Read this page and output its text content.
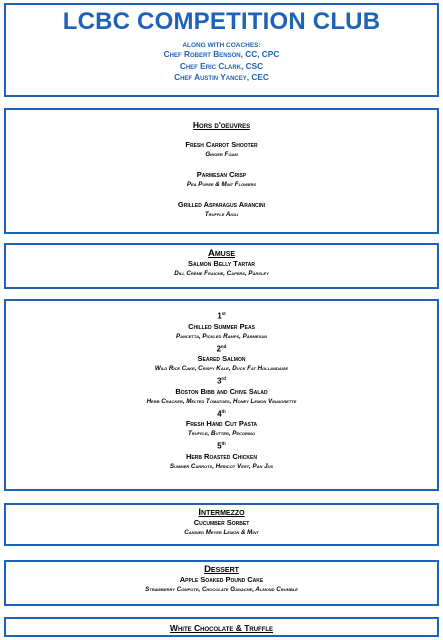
LCBC COMPETITION CLUB
ALONG WITH COACHES:
Chef Robert Benson, CC, CPC
Chef Eric Clark, CSC
Chef Austin Yancey, CEC
Hors d'oeuvres
Fresh Carrot Shooter
Ginger Foam
Parmesan Crisp
Pea Puree & Mint Flowers
Grilled Asparagus Arancini
Truffle Aioli
Amuse
Salmon Belly Tartar
Dill Crème Fraiche, Capers, Parsley
1st
Chilled Summer Peas
Pancetta, Pickled Ramps, Parmesan
2nd
Seared Salmon
Wild Rice Cake, Crispy Kale, Duck Fat Hollandaise
3rd
Boston Bibb and Chive Salad
Herb Cracker, Melted Tomatoes, Honey Lemon Vinaigrette
4th
Fresh Hand Cut Pasta
Truffle, Butter, Pecorino
5th
Herb Roasted Chicken
Summer Carrots, Hericot Vert, Pan Jus
Intermezzo
Cucumber Sorbet
Candied Meyer Lemon & Mint
Dessert
Apple Soaked Pound Cake
Strawberry Compote, Chocolate Ganache, Almond Crumble
White Chocolate & Truffle
